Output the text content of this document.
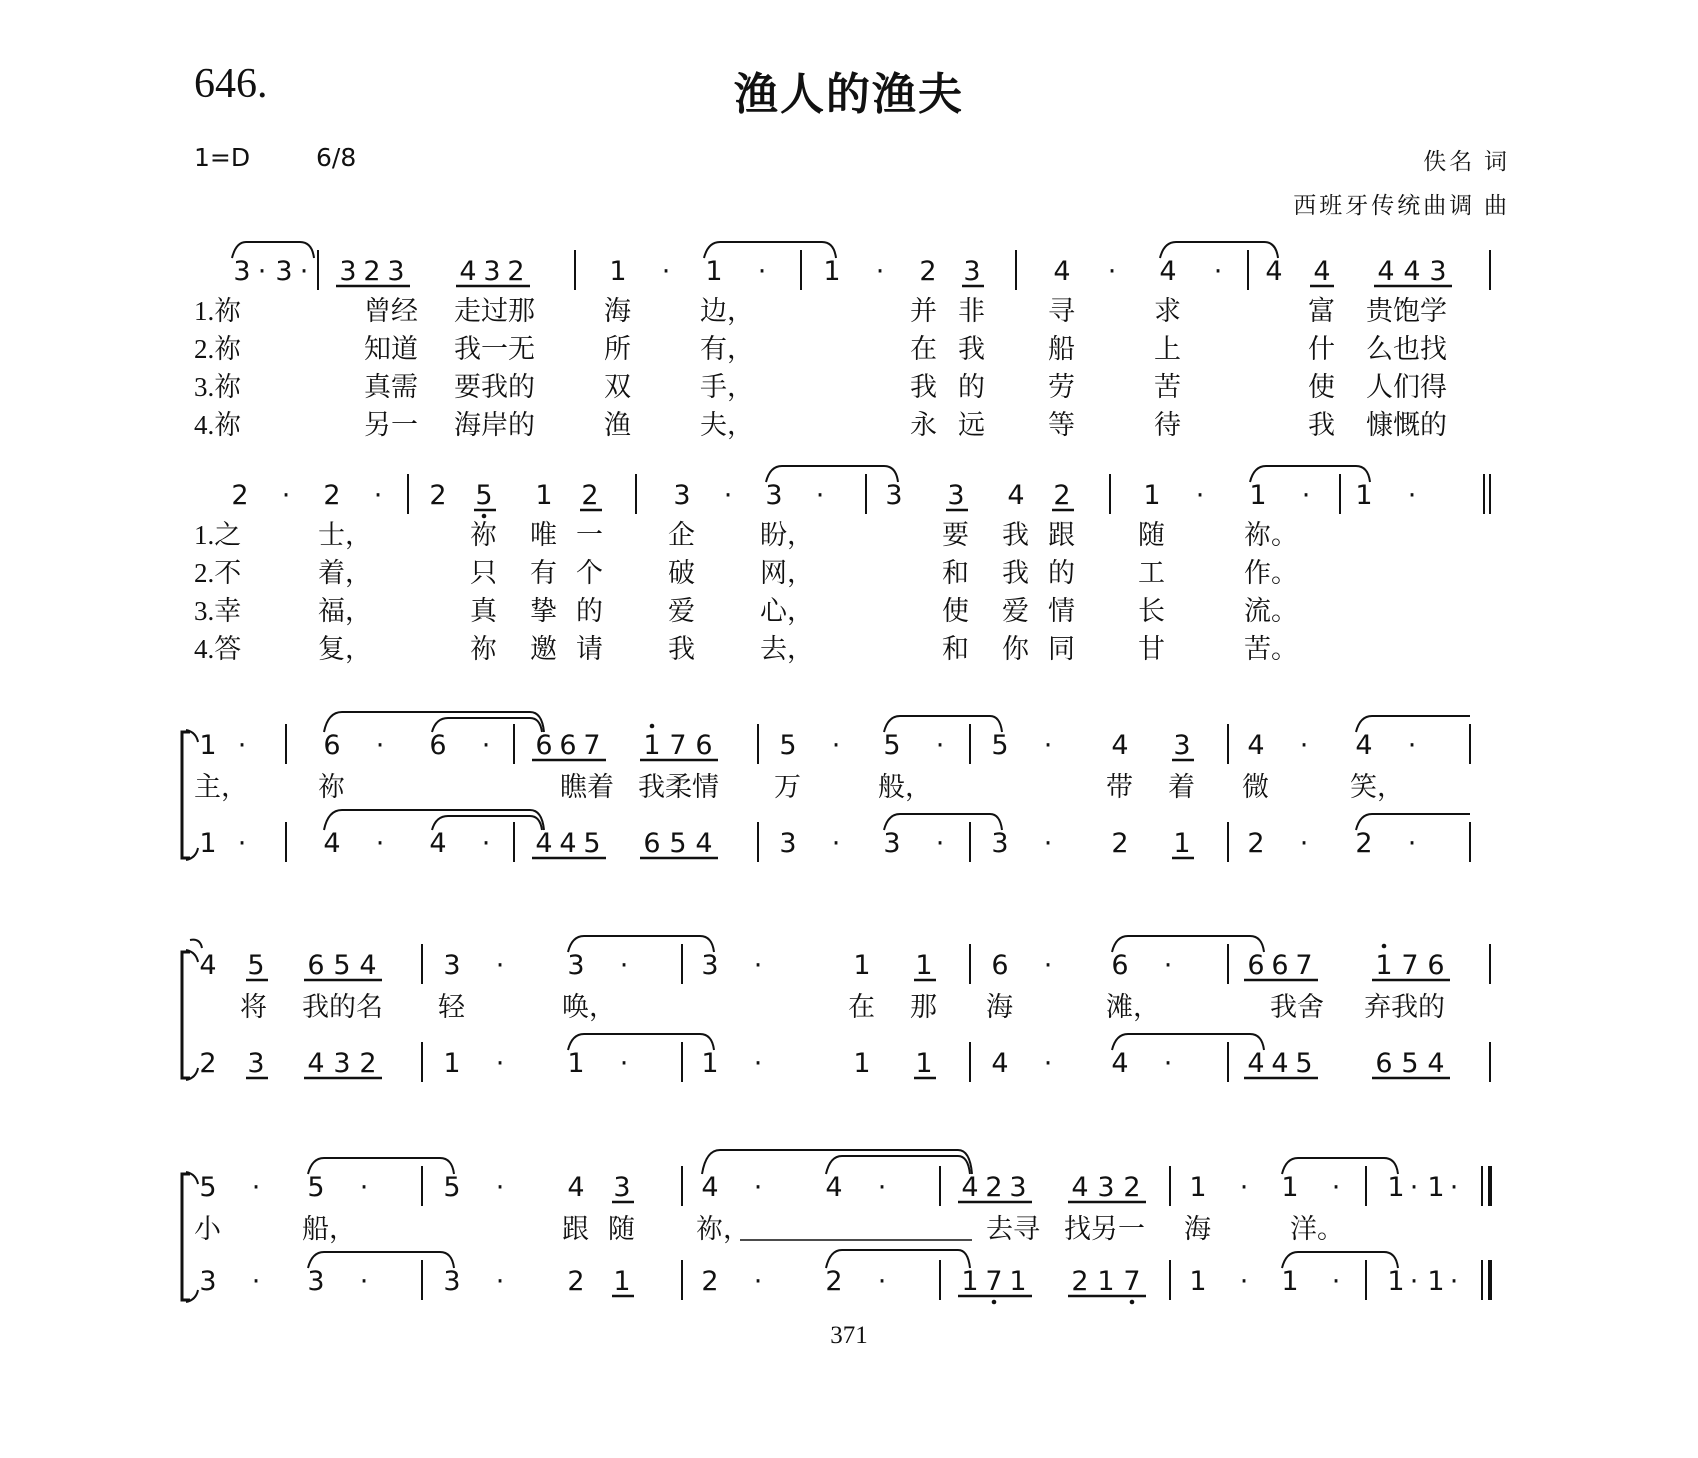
646.	渔人的渔夫
1=D	6/8	佚名 词
西班牙传统曲调 曲
3 · 3 · 3 2 3 4 3 2	1 · 1 · 1 · 2 3	4 · 4 · 4 4 4 4 3
1.祢	曾经 走过那	海	边，	并 非 寻	求	富 贵饱学
2.祢	知道 我一无	所	有，	在 我 船	上	什 么也找
3.祢	真需 要我的	双	手，	我 的 劳	苦	使 人们得
4.祢	另一 海岸的	渔	夫，	永 远 等	待	我 慷慨的
2 · 2 · 2 5 1 2	3 · 3 · 3 3 4 2	1 · 1 · 1 ·
1.之	士，	祢 唯 一 企 盼，	要 我 跟 随	祢。
2.不	着，	只 有 个 破 网，	和 我 的 工	作。
3.幸	福，	真 挚 的 爱 心，	使 爱 情 长	流。
4.答	复，	祢 邀 请 我 去，	和 你 同 甘	苦。
1 ·	6 · 6 · 6 6 7 1 7 6 5 · 5 · 5 · 4 3 4 · 4 ·
主，	祢	瞧着 我柔情 万	般，	带 着 微	笑，
1 ·	4 · 4 · 4 4 5 6 5 4 3 · 3 · 3 · 2 1 2 · 2 ·
4 5 6 5 4 3 · 3 ·	3 ·	1 1 6 · 6 ·	6 6 7 1 7 6
将 我的名 轻	唤，	在 那 海	滩，	我舍 弃我的
2 3 4 3 2 1 · 1 ·	1 ·	1 1 4 · 4 ·	4 4 5 6 5 4
5 · 5 ·	5 · 4 3	4 · 4 ·	4 2 3 4 3 2 1 · 1 · 1 · 1 ·
小	船，	跟 随 祢，	去寻 找另一 海	洋。
3 · 3 ·	3 · 2 1	2 · 2 ·	1 7 1 2 1 7 1 · 1 · 1 · 1 ·
371
